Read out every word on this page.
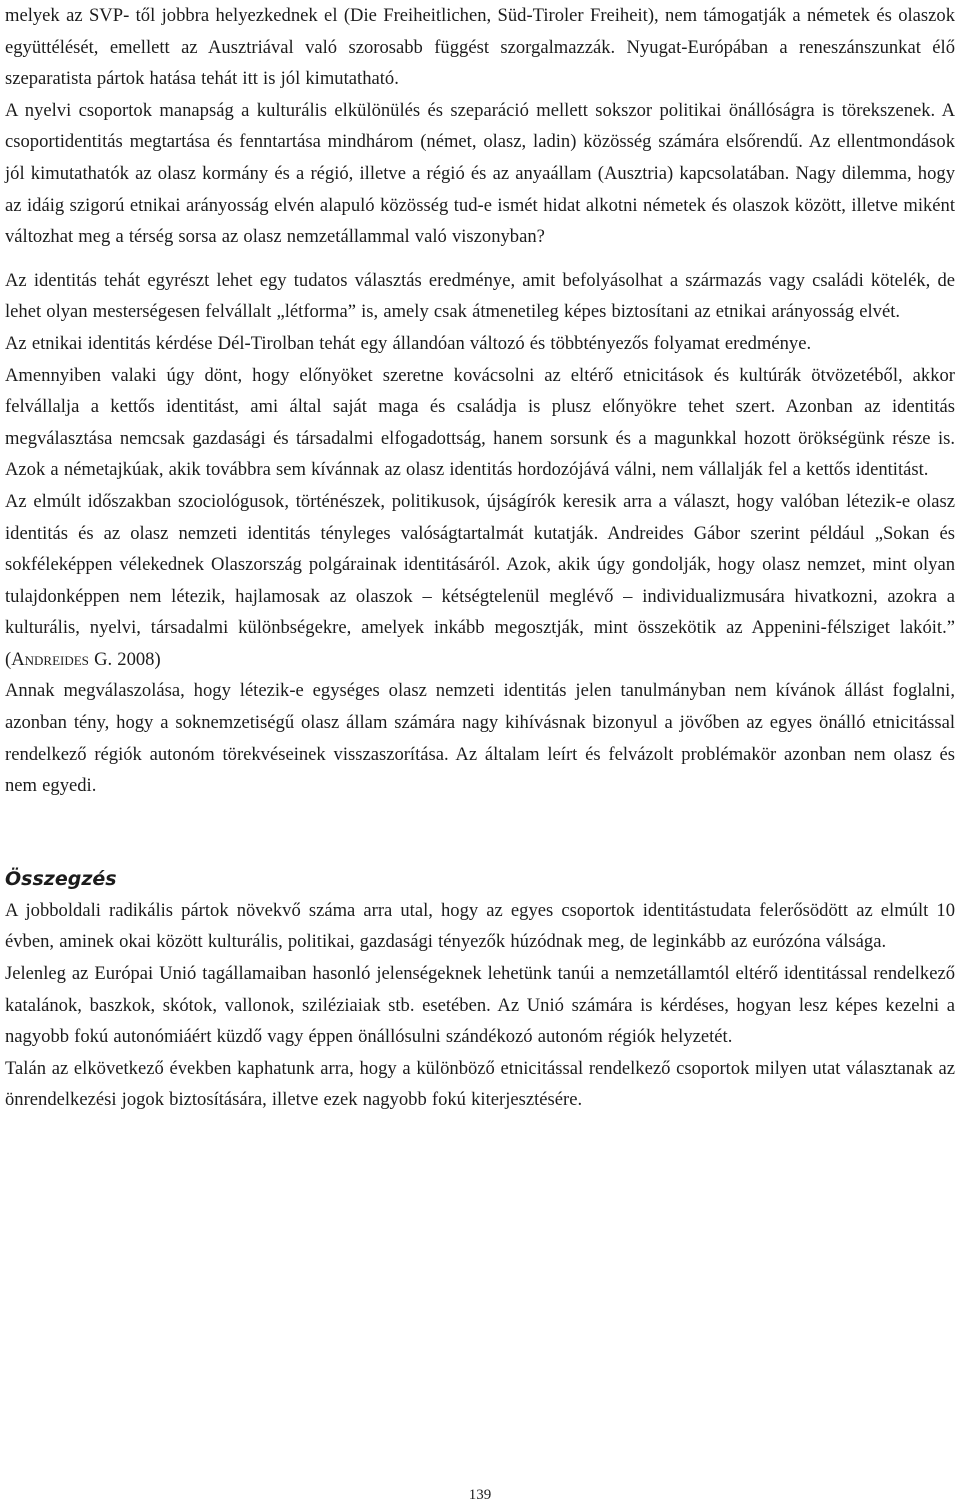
melyek az SVP- től jobbra helyezkednek el (Die Freiheitlichen, Süd-Tiroler Freiheit), nem támogatják a németek és olaszok együttélését, emellett az Ausztriával való szorosabb függést szorgalmazzák. Nyugat-Európában a reneszánszunkat élő szeparatista pártok hatása tehát itt is jól kimutatható.

A nyelvi csoportok manapság a kulturális elkülönülés és szeparáció mellett sokszor politikai önállóságra is törekszenek. A csoportidentitás megtartása és fenntartása mindhárom (német, olasz, ladin) közösség számára elsőrendű. Az ellentmondások jól kimutathatók az olasz kormány és a régió, illetve a régió és az anyaállam (Ausztria) kapcsolatában. Nagy dilemma, hogy az idáig szigorú etnikai arányosság elvén alapuló közösség tud-e ismét hidat alkotni németek és olaszok között, illetve miként változhat meg a térség sorsa az olasz nemzetállammal való viszonyban?

Az identitás tehát egyrészt lehet egy tudatos választás eredménye, amit befolyásolhat a származás vagy családi kötelék, de lehet olyan mesterségesen felvállalt „létforma” is, amely csak átmenetileg képes biztosítani az etnikai arányosság elvét.

Az etnikai identitás kérdése Dél-Tirolban tehát egy állandóan változó és többtényezős folyamat eredménye.

Amennyiben valaki úgy dönt, hogy előnyöket szeretne kovácsolni az eltérő etnicitások és kultúrák ötvözetéből, akkor felvállalja a kettős identitást, ami által saját maga és családja is plusz előnyökre tehet szert. Azonban az identitás megválasztása nemcsak gazdasági és társadalmi elfogadottság, hanem sorsunk és a magunkkal hozott örökségünk része is. Azok a németajkúak, akik továbbra sem kívánnak az olasz identitás hordozójává válni, nem vállalják fel a kettős identitást.

Az elmúlt időszakban szociológusok, történészek, politikusok, újságírók keresik arra a választ, hogy valóban létezik-e olasz identitás és az olasz nemzeti identitás tényleges valóságtartalmát kutatják. Andreides Gábor szerint például „Sokan és sokféleképpen vélekednek Olaszország polgárainak identitásáról. Azok, akik úgy gondolják, hogy olasz nemzet, mint olyan tulajdonképpen nem létezik, hajlamosak az olaszok – kétségtelenül meglévő – individualizmusára hivatkozni, azokra a kulturális, nyelvi, társadalmi különbségekre, amelyek inkább megosztják, mint összekötik az Appenini-félsziget lakóit.” (Andreides G. 2008)

Annak megválaszolása, hogy létezik-e egységes olasz nemzeti identitás jelen tanulmányban nem kívánok állást foglalni, azonban tény, hogy a soknemzetiségű olasz állam számára nagy kihívásnak bizonyul a jövőben az egyes önálló etnicitással rendelkező régiók autonóm törekvéseinek visszaszorítása. Az általam leírt és felvázolt problémakör azonban nem olasz és nem egyedi.

Összegzés

A jobboldali radikális pártok növekvő száma arra utal, hogy az egyes csoportok identitástudata felerősödött az elmúlt 10 évben, aminek okai között kulturális, politikai, gazdasági tényezők húzódnak meg, de leginkább az eurózóna válsága.

Jelenleg az Európai Unió tagállamaiban hasonló jelenségeknek lehetünk tanúi a nemzetállamtól eltérő identitással rendelkező katalánok, baszkok, skótok, vallonok, sziléziaiak stb. esetében. Az Unió számára is kérdéses, hogyan lesz képes kezelni a nagyobb fokú autonómiáért küzdő vagy éppen önállósulni szándékozó autonóm régiók helyzetét.

Talán az elkövetkező években kaphatunk arra, hogy a különböző etnicitással rendelkező csoportok milyen utat választanak az önrendelkezési jogok biztosítására, illetve ezek nagyobb fokú kiterjesztésére.

139
